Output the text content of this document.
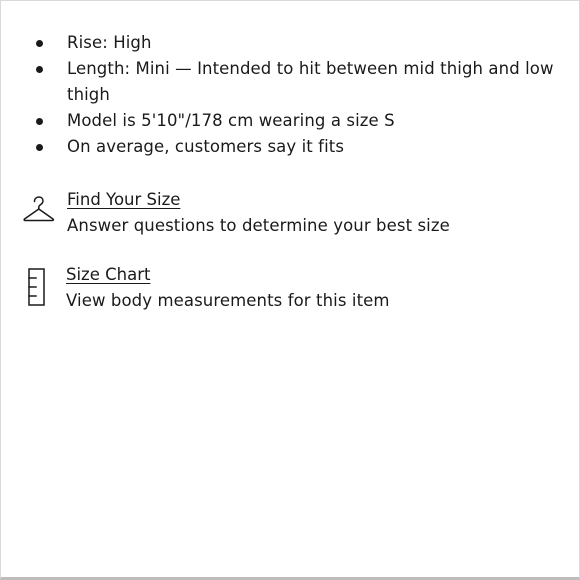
Rise: High
Length: Mini — Intended to hit between mid thigh and low thigh
Model is 5'10"/178 cm wearing a size S
On average, customers say it fits
Find Your Size
Answer questions to determine your best size
Size Chart
View body measurements for this item
